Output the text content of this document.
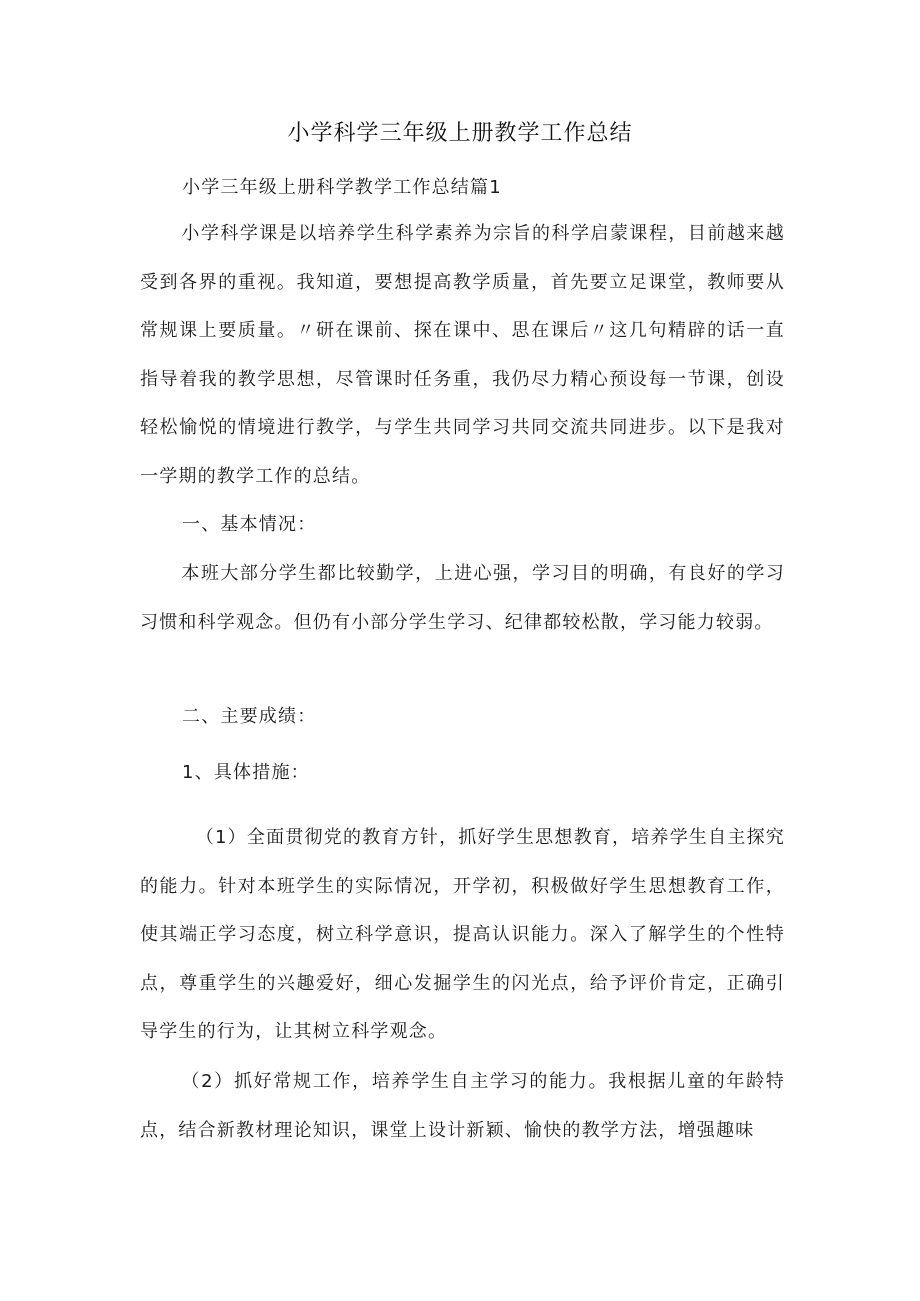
小学科学三年级上册教学工作总结
小学三年级上册科学教学工作总结篇1
小学科学课是以培养学生科学素养为宗旨的科学启蒙课程，目前越来越受到各界的重视。我知道，要想提高教学质量，首先要立足课堂，教师要从常规课上要质量。〃研在课前、探在课中、思在课后〃这几句精辟的话一直指导着我的教学思想，尽管课时任务重，我仍尽力精心预设每一节课，创设轻松愉悦的情境进行教学，与学生共同学习共同交流共同进步。以下是我对一学期的教学工作的总结。
一、基本情况：
本班大部分学生都比较勤学，上进心强，学习目的明确，有良好的学习习惯和科学观念。但仍有小部分学生学习、纪律都较松散，学习能力较弱。
二、主要成绩：
1、具体措施：
（1）全面贯彻党的教育方针，抓好学生思想教育，培养学生自主探究的能力。针对本班学生的实际情况，开学初，积极做好学生思想教育工作，使其端正学习态度，树立科学意识，提高认识能力。深入了解学生的个性特点，尊重学生的兴趣爱好，细心发掘学生的闪光点，给予评价肯定，正确引导学生的行为，让其树立科学观念。
（2）抓好常规工作，培养学生自主学习的能力。我根据儿童的年龄特点，结合新教材理论知识，课堂上设计新颖、愉快的教学方法，增强趣味
